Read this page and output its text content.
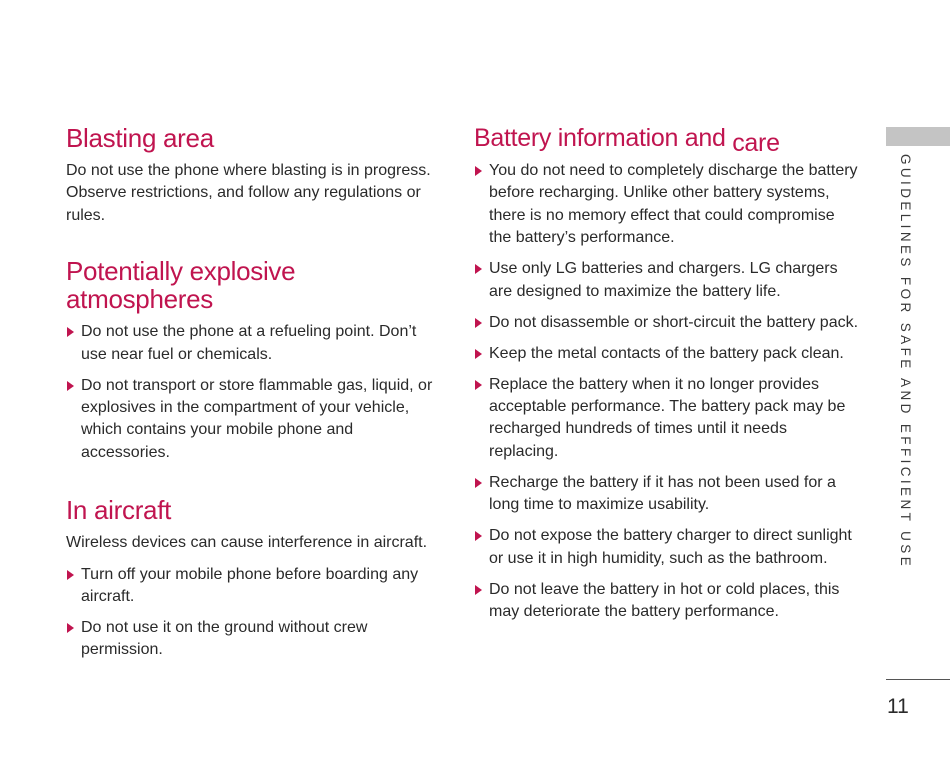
Blasting area

Do not use the phone where blasting is in progress. Observe restrictions, and follow any regulations or rules.

Potentially explosive
atmospheres
Do not use the phone at a refueling point. Don’t use near fuel or chemicals.
Do not transport or store flammable gas, liquid, or explosives in the compartment of your vehicle, which contains your mobile phone and accessories.
In aircraft

Wireless devices can cause interference in aircraft.

Turn off your mobile phone before boarding any aircraft.
Do not use it on the ground without crew permission.
Battery information and care
You do not need to completely discharge the battery before recharging. Unlike other battery systems, there is no memory effect that could compromise the battery’s performance.
Use only LG batteries and chargers. LG chargers are designed to maximize the battery life.
Do not disassemble or short-circuit the battery pack.
Keep the metal contacts of the battery pack clean.
Replace the battery when it no longer provides acceptable performance. The battery pack may be recharged hundreds of times until it needs replacing.
Recharge the battery if it has not been used for a long time to maximize usability.
Do not expose the battery charger to direct sunlight or use it in high humidity, such as the bathroom.
Do not leave the battery in hot or cold places, this may deteriorate the battery performance.
GUIDELINES FOR SAFE AND EFFICIENT USE
11
